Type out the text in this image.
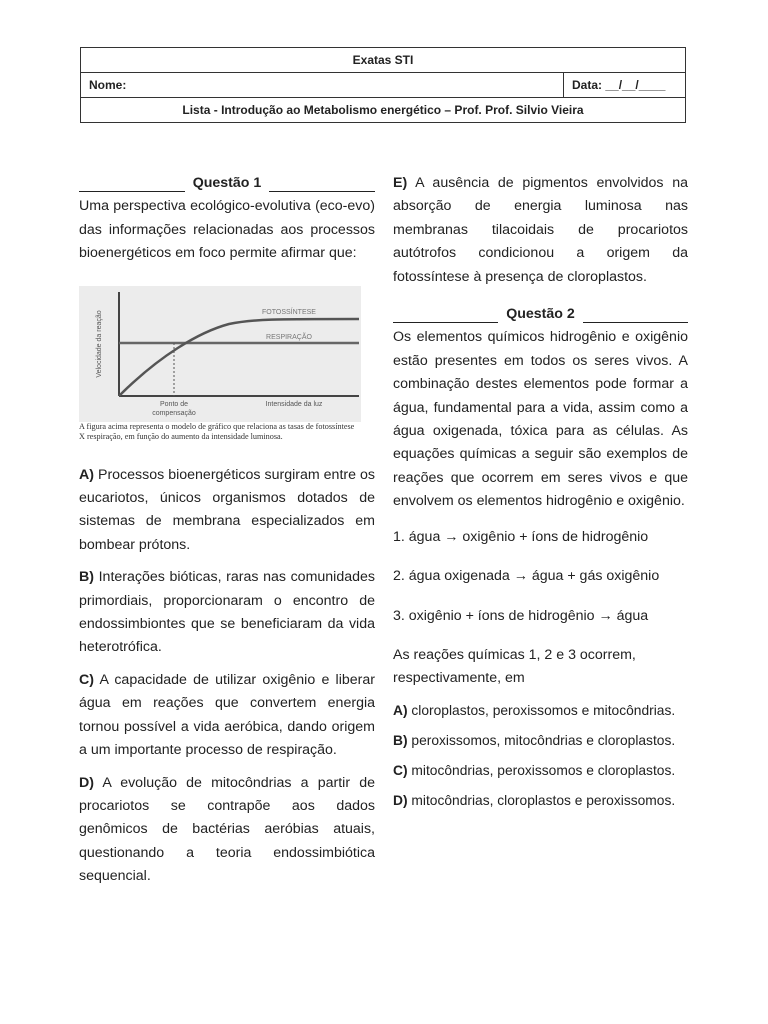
Exatas STI
Nome:	Data: __/__/____
Lista - Introdução ao Metabolismo energético – Prof. Prof. Silvio Vieira
Questão 1

Uma perspectiva ecológico-evolutiva (eco-evo) das informações relacionadas aos processos bioenergéticos em foco permite afirmar que:

Velocidade da reação	FOTOSSÍNTESE
RESPIRAÇÃO
Ponto de
compensação
Intensidade da luz
A figura acima representa o modelo de gráfico que relaciona as tasas de fotossíntese X respiração, em função do aumento da intensidade luminosa.

A) Processos bioenergéticos surgiram entre os eucariotos, únicos organismos dotados de sistemas de membrana especializados em bombear prótons.

B) Interações bióticas, raras nas comunidades primordiais, proporcionaram o encontro de endossimbiontes que se beneficiaram da vida heterotrófica.

C) A capacidade de utilizar oxigênio e liberar água em reações que convertem energia tornou possível a vida aeróbica, dando origem a um importante processo de respiração.

D) A evolução de mitocôndrias a partir de procariotos se contrapõe aos dados genômicos de bactérias aeróbias atuais, questionando a teoria endossimbiótica sequencial.

E) A ausência de pigmentos envolvidos na absorção de energia luminosa nas membranas tilacoidais de procariotos autótrofos condicionou a origem da fotossíntese à presença de cloroplastos.

Questão 2

Os elementos químicos hidrogênio e oxigênio estão presentes em todos os seres vivos. A combinação destes elementos pode formar a água, fundamental para a vida, assim como a água oxigenada, tóxica para as células. As equações químicas a seguir são exemplos de reações que ocorrem em seres vivos e que envolvem os elementos hidrogênio e oxigênio.

1. água → oxigênio + íons de hidrogênio

2. água oxigenada → água + gás oxigênio

3. oxigênio + íons de hidrogênio → água

As reações químicas 1, 2 e 3 ocorrem, respectivamente, em

A) cloroplastos, peroxissomos e mitocôndrias.

B) peroxissomos, mitocôndrias e cloroplastos.

C) mitocôndrias, peroxissomos e cloroplastos.

D) mitocôndrias, cloroplastos e peroxissomos.
